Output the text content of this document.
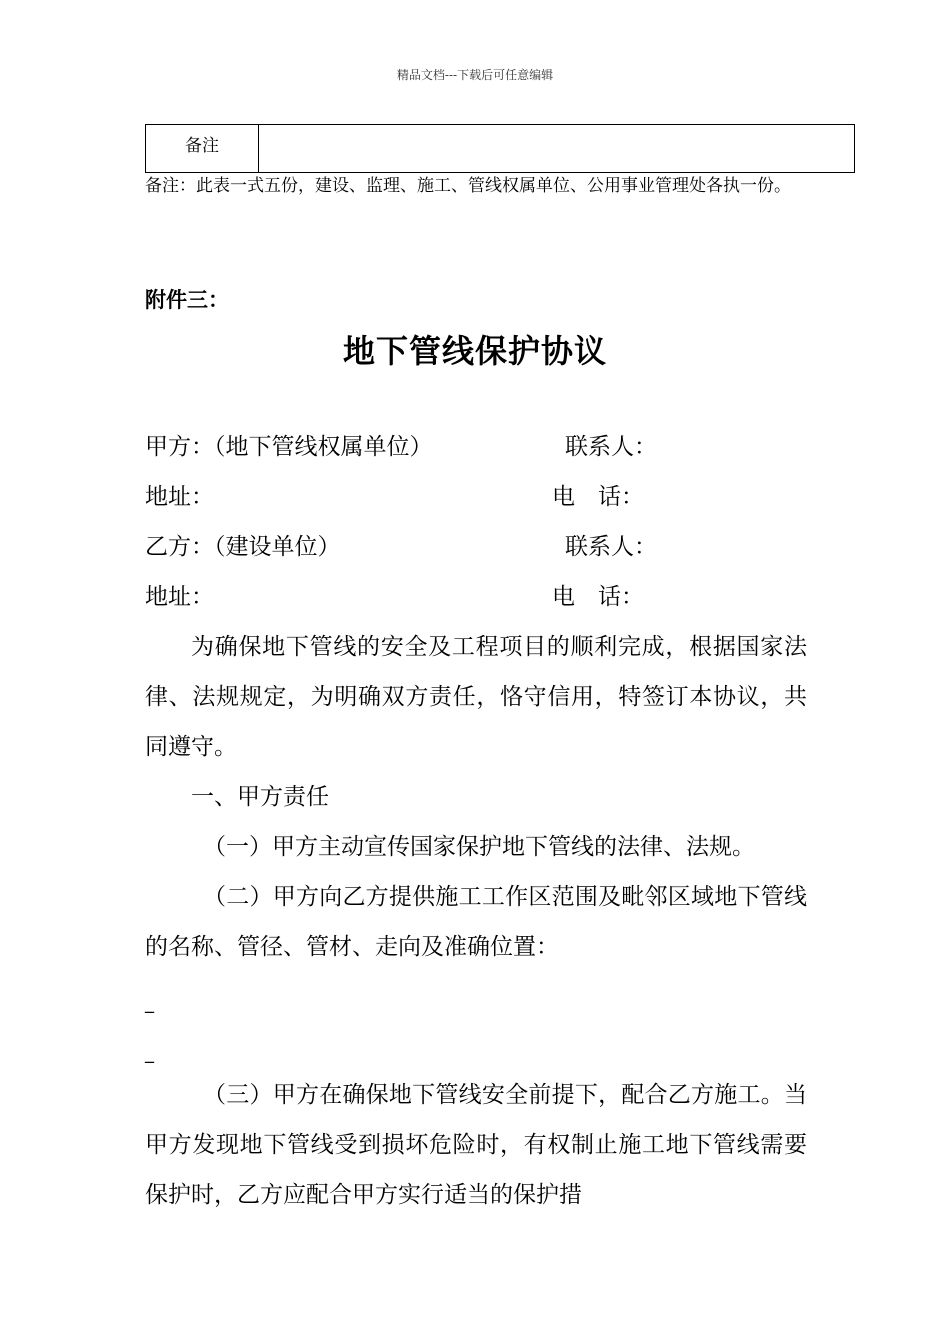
精品文档---下载后可任意编辑
备注	
备注：此表一式五份，建设、监理、施工、管线权属单位、公用事业管理处各执一份。
附件三：
地下管线保护协议
甲方：（地下管线权属单位）	联系人：
地址：	电　话：
乙方：（建设单位）	联系人：
地址：	电　话：
为确保地下管线的安全及工程项目的顺利完成，根据国家法律、法规规定，为明确双方责任，恪守信用，特签订本协议，共同遵守。
一、甲方责任
（一）甲方主动宣传国家保护地下管线的法律、法规。
（二）甲方向乙方提供施工工作区范围及毗邻区域地下管线的名称、管径、管材、走向及准确位置：
_
_
（三）甲方在确保地下管线安全前提下，配合乙方施工。当甲方发现地下管线受到损坏危险时，有权制止施工地下管线需要保护时，乙方应配合甲方实行适当的保护措
